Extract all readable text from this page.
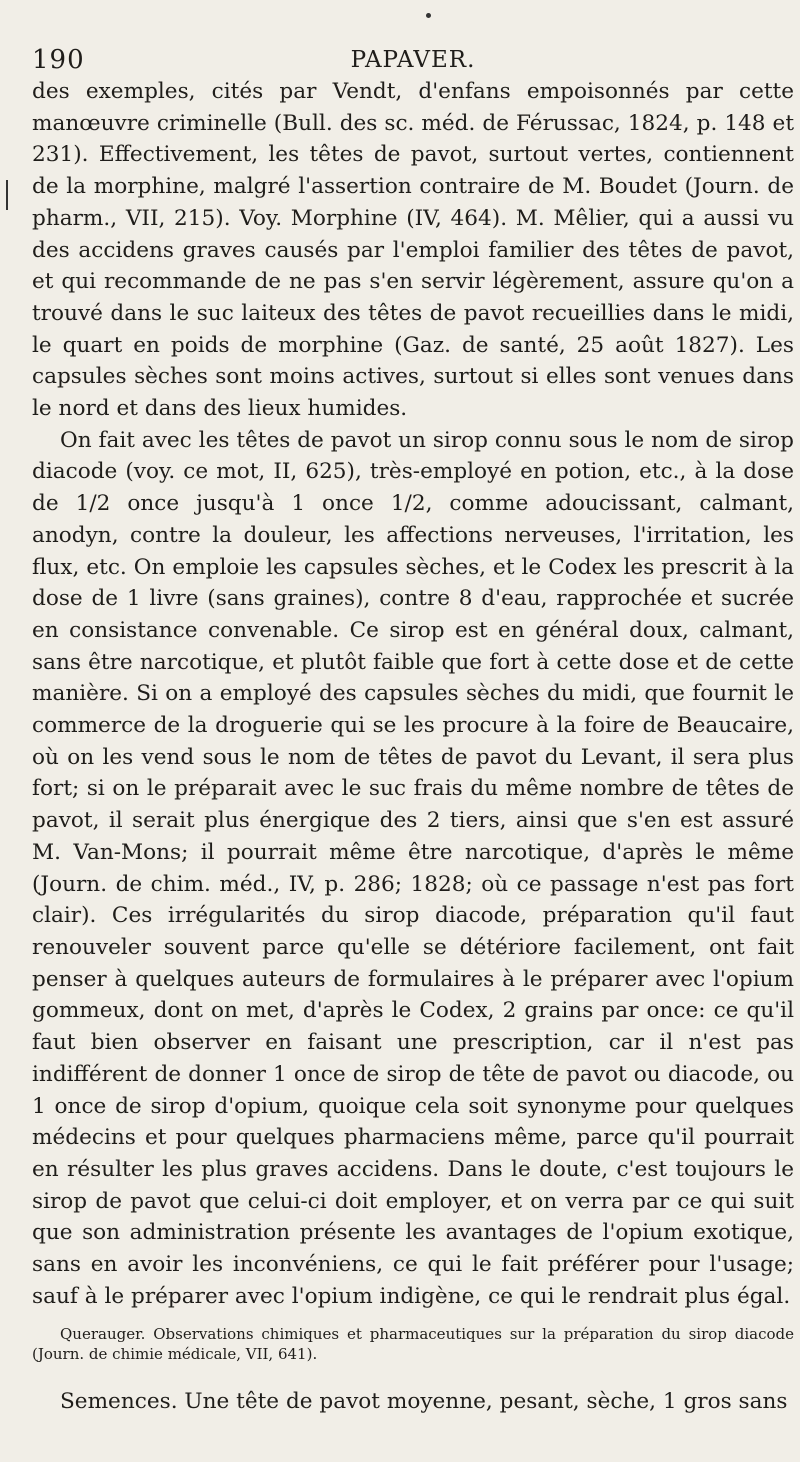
190	PAPAVER.

des exemples, cités par Vendt, d'enfans empoisonnés par cette manœuvre criminelle (Bull. des sc. méd. de Férussac, 1824, p. 148 et 231). Effectivement, les têtes de pavot, surtout vertes, contiennent de la morphine, malgré l'assertion contraire de M. Boudet (Journ. de pharm., VII, 215). Voy. Morphine (IV, 464). M. Mêlier, qui a aussi vu des accidens graves causés par l'emploi familier des têtes de pavot, et qui recommande de ne pas s'en servir légèrement, assure qu'on a trouvé dans le suc laiteux des têtes de pavot recueillies dans le midi, le quart en poids de morphine (Gaz. de santé, 25 août 1827). Les capsules sèches sont moins actives, surtout si elles sont venues dans le nord et dans des lieux humides.

On fait avec les têtes de pavot un sirop connu sous le nom de sirop diacode (voy. ce mot, II, 625), très-employé en potion, etc., à la dose de 1/2 once jusqu'à 1 once 1/2, comme adoucissant, calmant, anodyn, contre la douleur, les affections nerveuses, l'irritation, les flux, etc. On emploie les capsules sèches, et le Codex les prescrit à la dose de 1 livre (sans graines), contre 8 d'eau, rapprochée et sucrée en consistance convenable. Ce sirop est en général doux, calmant, sans être narcotique, et plutôt faible que fort à cette dose et de cette manière. Si on a employé des capsules sèches du midi, que fournit le commerce de la droguerie qui se les procure à la foire de Beaucaire, où on les vend sous le nom de têtes de pavot du Levant, il sera plus fort; si on le préparait avec le suc frais du même nombre de têtes de pavot, il serait plus énergique des 2 tiers, ainsi que s'en est assuré M. Van-Mons; il pourrait même être narcotique, d'après le même (Journ. de chim. méd., IV, p. 286; 1828; où ce passage n'est pas fort clair). Ces irrégularités du sirop diacode, préparation qu'il faut renouveler souvent parce qu'elle se détériore facilement, ont fait penser à quelques auteurs de formulaires à le préparer avec l'opium gommeux, dont on met, d'après le Codex, 2 grains par once: ce qu'il faut bien observer en faisant une prescription, car il n'est pas indifférent de donner 1 once de sirop de tête de pavot ou diacode, ou 1 once de sirop d'opium, quoique cela soit synonyme pour quelques médecins et pour quelques pharmaciens même, parce qu'il pourrait en résulter les plus graves accidens. Dans le doute, c'est toujours le sirop de pavot que celui-ci doit employer, et on verra par ce qui suit que son administration présente les avantages de l'opium exotique, sans en avoir les inconvéniens, ce qui le fait préférer pour l'usage; sauf à le préparer avec l'opium indigène, ce qui le rendrait plus égal.

Querauger. Observations chimiques et pharmaceutiques sur la préparation du sirop diacode (Journ. de chimie médicale, VII, 641).

Semences. Une tête de pavot moyenne, pesant, sèche, 1 gros sans
